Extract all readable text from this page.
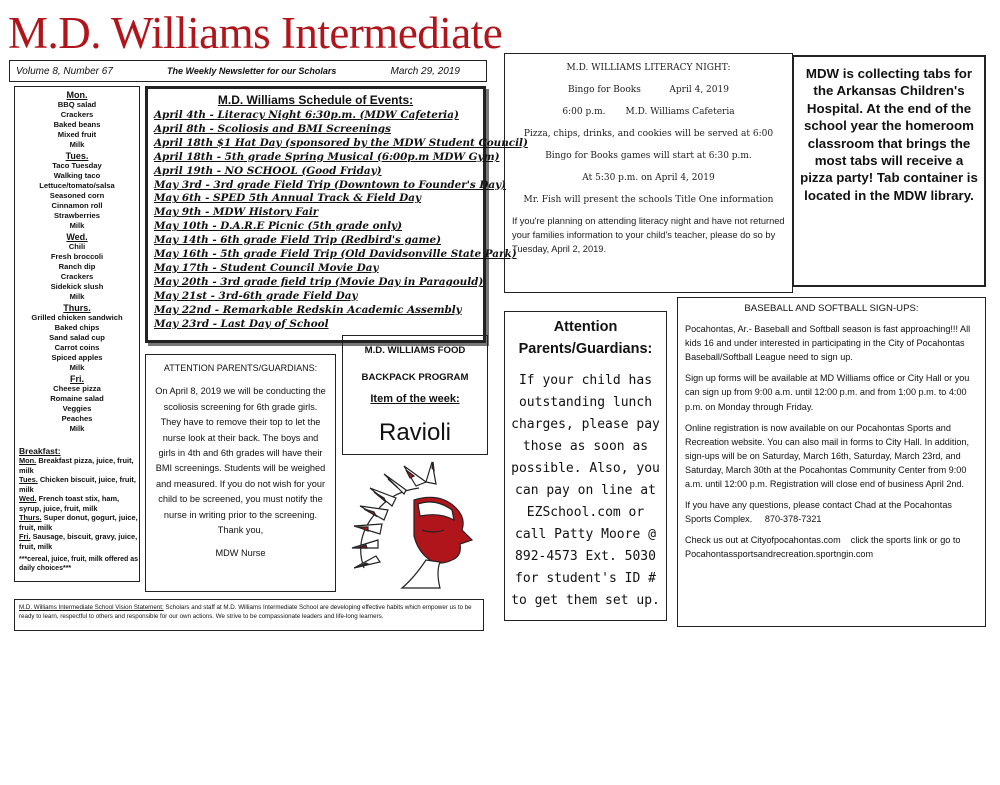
M.D. Williams Intermediate
Volume 8, Number 67	The Weekly Newsletter for our Scholars	March 29, 2019
Mon.
BBQ salad
Crackers
Baked beans
Mixed fruit
Milk
Tues.
Taco Tuesday
Walking taco
Lettuce/tomato/salsa
Seasoned corn
Cinnamon roll
Strawberries
Milk
Wed.
Chili
Fresh broccoli
Ranch dip
Crackers
Sidekick slush
Milk
Thurs.
Grilled chicken sandwich
Baked chips
Sand salad cup
Carrot coins
Spiced apples
Milk
Fri.
Cheese pizza
Romaine salad
Veggies
Peaches
Milk
Breakfast:
Mon. Breakfast pizza, juice, fruit, milk
Tues. Chicken biscuit, juice, fruit, milk
Wed. French toast stix, ham, syrup, juice, fruit, milk
Thurs. Super donut, gogurt, juice, fruit, milk
Fri. Sausage, biscuit, gravy, juice, fruit, milk
***cereal, juice, fruit, milk offered as daily choices***
M.D. Williams Schedule of Events:
April 4th - Literacy Night 6:30p.m. (MDW Cafeteria)
April 8th - Scoliosis and BMI Screenings
April 18th $1 Hat Day (sponsored by the MDW Student Council)
April 18th - 5th grade Spring Musical (6:00p.m MDW Gym)
April 19th - NO SCHOOL (Good Friday)
May 3rd - 3rd grade Field Trip (Downtown to Founder's Day)
May 6th - SPED 5th Annual Track & Field Day
May 9th - MDW History Fair
May 10th - D.A.R.E Picnic (5th grade only)
May 14th - 6th grade Field Trip (Redbird's game)
May 16th - 5th grade Field Trip (Old Davidsonville State Park)
May 17th - Student Council Movie Day
May 20th - 3rd grade field trip (Movie Day in Paragould)
May 21st - 3rd-6th grade Field Day
May 22nd - Remarkable Redskin Academic Assembly
May 23rd - Last Day of School
ATTENTION PARENTS/GUARDIANS:
On April 8, 2019 we will be conducting the scoliosis screening for 6th grade girls. They have to remove their top to let the nurse look at their back. The boys and girls in 4th and 6th grades will have their BMI screenings. Students will be weighed and measured. If you do not wish for your child to be screened, you must notify the nurse in writing prior to the screening.
Thank you,
MDW Nurse
M.D. WILLIAMS FOOD
BACKPACK PROGRAM
Item of the week:
Ravioli
M.D. Williams Intermediate School Vision Statement: Scholars and staff at M.D. Williams Intermediate School are developing effective habits which empower us to be ready to learn, respectful to others and responsible for our own actions. We strive to be compassionate leaders and life-long learners.

M.D. WILLIAMS LITERACY NIGHT:

Bingo for Books          April 4, 2019

6:00 p.m.       M.D. Williams Cafeteria

Pizza, chips, drinks, and cookies will be served at 6:00

Bingo for Books games will start at 6:30 p.m.

At 5:30 p.m. on April 4, 2019

Mr. Fish will present the schools Title One information

If you're planning on attending literacy night and have not returned your families information to your child's teacher, please do so by Tuesday, April 2, 2019.

MDW is collecting tabs for the Arkansas Children's Hospital. At the end of the school year the homeroom classroom that brings the most tabs will receive a pizza party! Tab container is located in the MDW library.
Attention Parents/Guardians:
If your child has outstanding lunch charges, please pay those as soon as possible. Also, you can pay on line at EZSchool.com or call Patty Moore @ 892-4573 Ext. 5030 for student's ID # to get them set up.
BASEBALL AND SOFTBALL SIGN-UPS:

Pocahontas, Ar.- Baseball and Softball season is fast approaching!!! All kids 16 and under interested in participating in the City of Pocahontas Baseball/Softball League need to sign up.

Sign up forms will be available at MD Williams office or City Hall or you can sign up from 9:00 a.m. until 12:00 p.m. and from 1:00 p.m. to 4:00 p.m. on Monday through Friday.

Online registration is now available on our Pocahontas Sports and Recreation website. You can also mail in forms to City Hall. In addition, sign-ups will be on Saturday, March 16th, Saturday, March 23rd, and Saturday, March 30th at the Pocahontas Community Center from 9:00 a.m. until 12:00 p.m. Registration will close end of business April 2nd.

If you have any questions, please contact Chad at the Pocahontas Sports Complex.     870-378-7321

Check us out at Cityofpocahontas.com    click the sports link or go to Pocahontassportsandrecreation.sportngin.com
